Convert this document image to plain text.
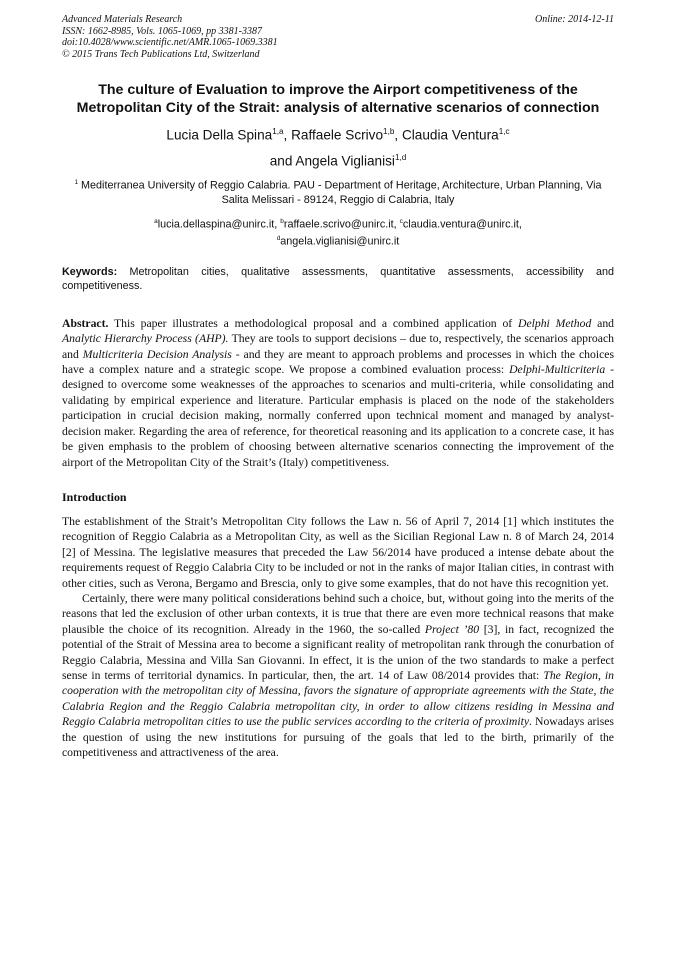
Advanced Materials Research
ISSN: 1662-8985, Vols. 1065-1069, pp 3381-3387
doi:10.4028/www.scientific.net/AMR.1065-1069.3381
© 2015 Trans Tech Publications Ltd, Switzerland
Online: 2014-12-11
The culture of Evaluation to improve the Airport competitiveness of the Metropolitan City of the Strait: analysis of alternative scenarios of connection
Lucia Della Spina$^{1,a}$, Raffaele Scrivo$^{1,b}$, Claudia Ventura$^{1,c}$
and Angela Viglianisi$^{1,d}$
$^1$ Mediterranea University of Reggio Calabria. PAU - Department of Heritage, Architecture, Urban Planning, Via Salita Melissari - 89124, Reggio di Calabria, Italy
$^a$lucia.dellaspina@unirc.it, $^b$raffaele.scrivo@unirc.it, $^c$claudia.ventura@unirc.it,
$^d$angela.viglianisi@unirc.it
Keywords: Metropolitan cities, qualitative assessments, quantitative assessments, accessibility and competitiveness.
Abstract. This paper illustrates a methodological proposal and a combined application of Delphi Method and Analytic Hierarchy Process (AHP). They are tools to support decisions – due to, respectively, the scenarios approach and Multicriteria Decision Analysis - and they are meant to approach problems and processes in which the choices have a complex nature and a strategic scope. We propose a combined evaluation process: Delphi-Multicriteria - designed to overcome some weaknesses of the approaches to scenarios and multi-criteria, while consolidating and validating by empirical experience and literature. Particular emphasis is placed on the node of the stakeholders participation in crucial decision making, normally conferred upon technical moment and managed by analyst-decision maker. Regarding the area of reference, for theoretical reasoning and its application to a concrete case, it has be given emphasis to the problem of choosing between alternative scenarios connecting the improvement of the airport of the Metropolitan City of the Strait’s (Italy) competitiveness.
Introduction
The establishment of the Strait’s Metropolitan City follows the Law n. 56 of April 7, 2014 [1] which institutes the recognition of Reggio Calabria as a Metropolitan City, as well as the Sicilian Regional Law n. 8 of March 24, 2014 [2] of Messina. The legislative measures that preceded the Law 56/2014 have produced a intense debate about the requirements request of Reggio Calabria City to be included or not in the ranks of major Italian cities, in contrast with other cities, such as Verona, Bergamo and Brescia, only to give some examples, that do not have this recognition yet.
Certainly, there were many political considerations behind such a choice, but, without going into the merits of the reasons that led the exclusion of other urban contexts, it is true that there are even more technical reasons that make plausible the choice of its recognition. Already in the 1960, the so-called Project ’80 [3], in fact, recognized the potential of the Strait of Messina area to become a significant reality of metropolitan rank through the conurbation of Reggio Calabria, Messina and Villa San Giovanni. In effect, it is the union of the two standards to make a perfect sense in terms of territorial dynamics. In particular, then, the art. 14 of Law 08/2014 provides that: The Region, in cooperation with the metropolitan city of Messina, favors the signature of appropriate agreements with the State, the Calabria Region and the Reggio Calabria metropolitan city, in order to allow citizens residing in Messina and Reggio Calabria metropolitan cities to use the public services according to the criteria of proximity. Nowadays arises the question of using the new institutions for pursuing of the goals that led to the birth, primarily of the competitiveness and attractiveness of the area.
